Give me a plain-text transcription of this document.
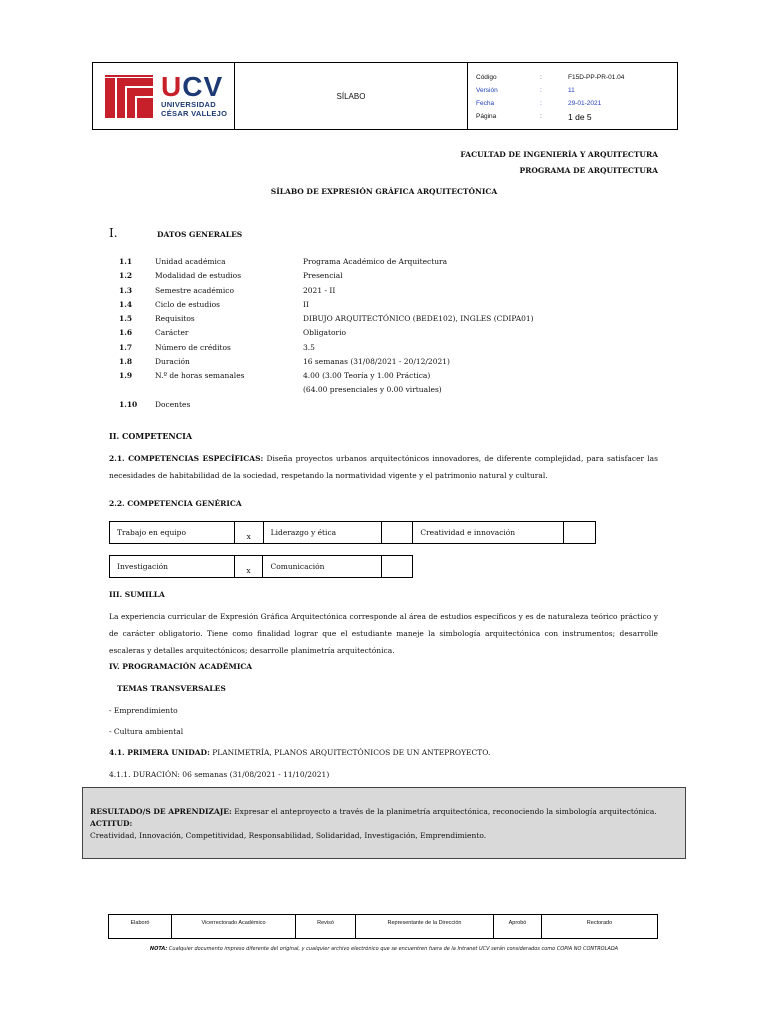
UCV
UNIVERSIDAD
CÉSAR VALLEJO
SÍLABO
Código	:	F15D-PP-PR-01.04
Versión	:	11
Fecha	:	29-01-2021
Página	:	1 de 5
FACULTAD DE INGENIERÍA Y ARQUITECTURA
PROGRAMA DE ARQUITECTURA
SÍLABO DE EXPRESIÓN GRÁFICA ARQUITECTÓNICA
I.	DATOS GENERALES
1.1	Unidad académica	Programa Académico de Arquitectura
1.2	Modalidad de estudios	Presencial
1.3	Semestre académico	2021 - II
1.4	Ciclo de estudios	II
1.5	Requisitos	DIBUJO ARQUITECTÓNICO (BEDE102), INGLES (CDIPA01)
1.6	Carácter	Obligatorio
1.7	Número de créditos	3.5
1.8	Duración	16 semanas (31/08/2021 - 20/12/2021)
1.9	N.º de horas semanales	4.00 (3.00 Teoría y 1.00 Práctica)
(64.00 presenciales y 0.00 virtuales)
1.10	Docentes
II. COMPETENCIA
2.1. COMPETENCIAS ESPECÍFICAS: Diseña proyectos urbanos arquitectónicos innovadores, de diferente complejidad, para satisfacer las necesidades de habitabilidad de la sociedad, respetando la normatividad vigente y el patrimonio natural y cultural.
2.2. COMPETENCIA GENÉRICA
Trabajo en equipo	x	Liderazgo y ética		Creatividad e innovación	
Investigación	x	Comunicación	
III. SUMILLA
La experiencia curricular de Expresión Gráfica Arquitectónica corresponde al área de estudios específicos y es de naturaleza teórico práctico y de carácter obligatorio. Tiene como finalidad lograr que el estudiante maneje la simbología arquitectónica con instrumentos; desarrolle escaleras y detalles arquitectónicos; desarrolle planimetría arquitectónica.
IV. PROGRAMACIÓN ACADÉMICA
TEMAS TRANSVERSALES
- Emprendimiento
- Cultura ambiental
4.1. PRIMERA UNIDAD: PLANIMETRÍA, PLANOS ARQUITECTÓNICOS DE UN ANTEPROYECTO.
4.1.1. DURACIÓN: 06 semanas (31/08/2021 - 11/10/2021)
RESULTADO/S DE APRENDIZAJE: Expresar el anteproyecto a través de la planimetría arquitectónica, reconociendo la simbología arquitectónica.
ACTITUD:
Creatividad, Innovación, Competitividad, Responsabilidad, Solidaridad, Investigación, Emprendimiento.
Elaboró	Vicerrectorado Académico	Revisó	Representante de la Dirección	Aprobó	Rectorado
NOTA: Cualquier documento impreso diferente del original, y cualquier archivo electrónico que se encuentren fuera de la Intranet UCV serán considerados como COPIA NO CONTROLADA
